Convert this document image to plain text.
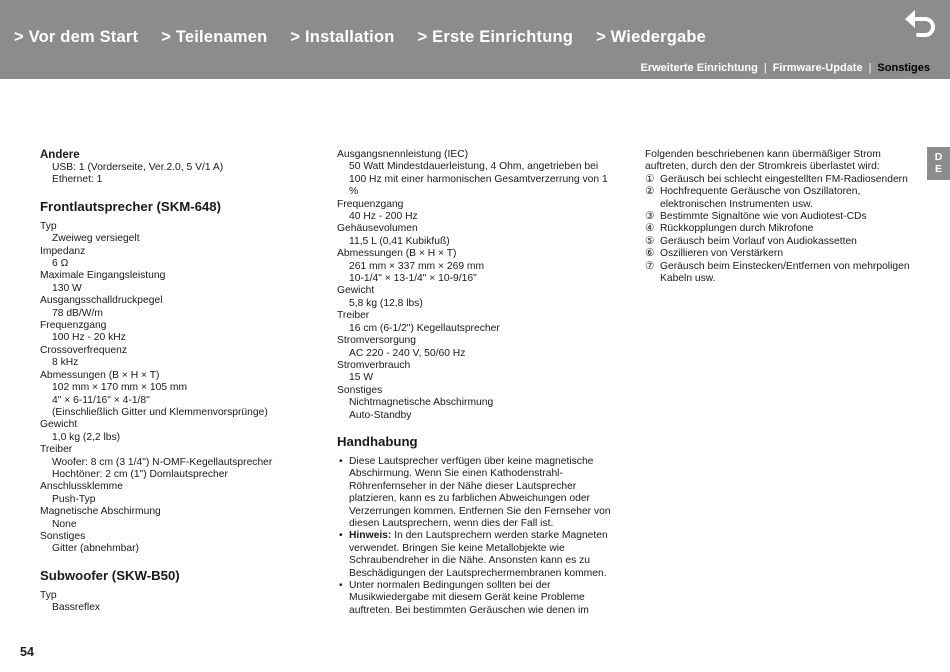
> Vor dem Start > Teilenamen > Installation > Erste Einrichtung > Wiedergabe
Erweiterte Einrichtung | Firmware-Update | Sonstiges
Andere
USB: 1 (Vorderseite, Ver.2.0, 5 V/1 A)
Ethernet: 1
Frontlautsprecher (SKM-648)
Typ
Zweiweg versiegelt
Impedanz
6 Ω
Maximale Eingangsleistung
130 W
Ausgangsschalldruckpegel
78 dB/W/m
Frequenzgang
100 Hz - 20 kHz
Crossoverfrequenz
8 kHz
Abmessungen (B × H × T)
102 mm × 170 mm × 105 mm
4" × 6-11/16" × 4-1/8"
(Einschließlich Gitter und Klemmenvorsprünge)
Gewicht
1,0 kg (2,2 lbs)
Treiber
Woofer: 8 cm (3 1/4") N-OMF-Kegellautsprecher
Hochtöner: 2 cm (1") Domlautsprecher
Anschlussklemme
Push-Typ
Magnetische Abschirmung
None
Sonstiges
Gitter (abnehmbar)
Subwoofer (SKW-B50)
Typ
Bassreflex
Ausgangsnennleistung (IEC)
50 Watt Mindestdauerleistung, 4 Ohm, angetrieben bei 100 Hz mit einer harmonischen Gesamtverzerrung von 1 %
Frequenzgang
40 Hz - 200 Hz
Gehäusevolumen
11,5 L (0,41 Kubikfuß)
Abmessungen (B × H × T)
261 mm × 337 mm × 269 mm
10-1/4" × 13-1/4" × 10-9/16"
Gewicht
5,8 kg (12,8 lbs)
Treiber
16 cm (6-1/2") Kegellautsprecher
Stromversorgung
AC 220 - 240 V, 50/60 Hz
Stromverbrauch
15 W
Sonstiges
Nichtmagnetische Abschirmung
Auto-Standby
Handhabung
• Diese Lautsprecher verfügen über keine magnetische Abschirmung. Wenn Sie einen Kathodenstrahl-Röhrenfernseher in der Nähe dieser Lautsprecher platzieren, kann es zu farblichen Abweichungen oder Verzerrungen kommen. Entfernen Sie den Fernseher von diesen Lautsprechern, wenn dies der Fall ist.
• Hinweis: In den Lautsprechern werden starke Magneten verwendet. Bringen Sie keine Metallobjekte wie Schraubendreher in die Nähe. Ansonsten kann es zu Beschädigungen der Lautsprechermembranen kommen.
• Unter normalen Bedingungen sollten bei der Musikwiedergabe mit diesem Gerät keine Probleme auftreten. Bei bestimmten Geräuschen wie denen im
Folgenden beschriebenen kann übermäßiger Strom auftreten, durch den der Stromkreis überlastet wird:
① Geräusch bei schlecht eingestellten FM-Radiosendern
② Hochfrequente Geräusche von Oszillatoren, elektronischen Instrumenten usw.
③ Bestimmte Signaltöne wie von Audiotest-CDs
④ Rückkopplungen durch Mikrofone
⑤ Geräusch beim Vorlauf von Audiokassetten
⑥ Oszillieren von Verstärkern
⑦ Geräusch beim Einstecken/Entfernen von mehrpoligen Kabeln usw.
D
E
54
